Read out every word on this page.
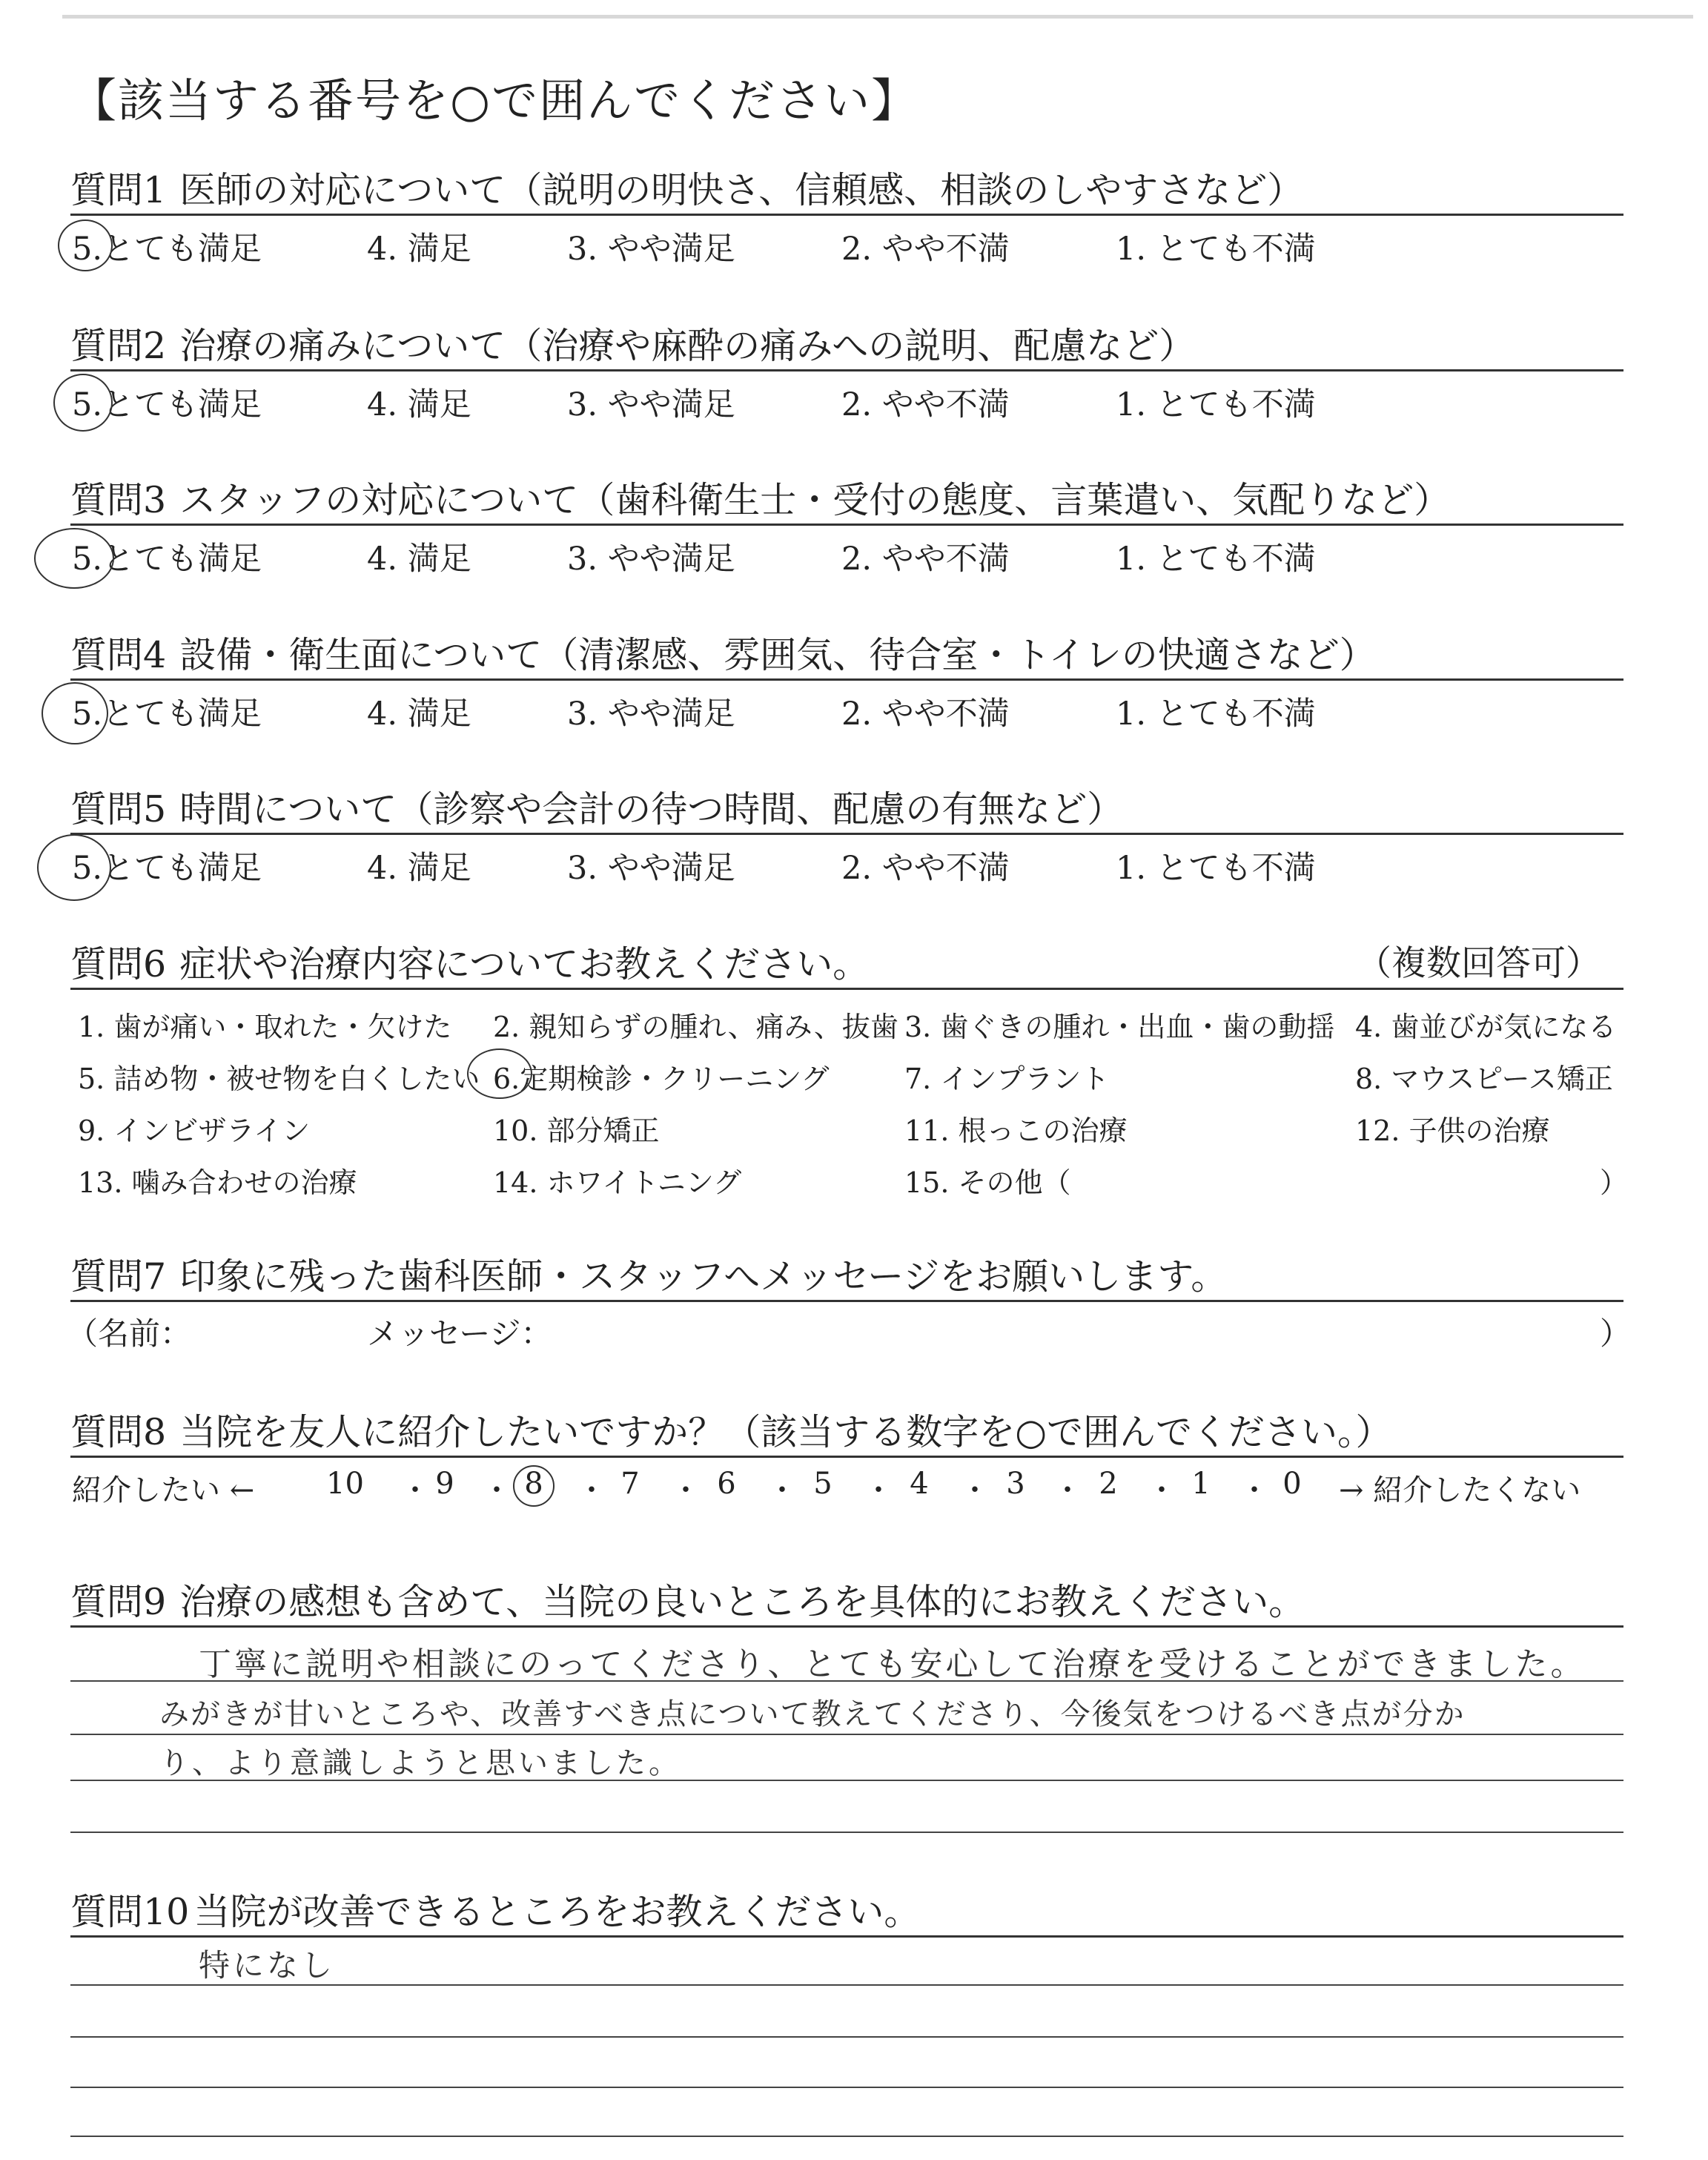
【該当する番号を○で囲んでください】
質問1 医師の対応について（説明の明快さ、信頼感、相談のしやすさなど）
5.とても満足	4. 満足	3. やや満足	2. やや不満	1. とても不満
質問2 治療の痛みについて（治療や麻酔の痛みへの説明、配慮など）
5.とても満足	4. 満足	3. やや満足	2. やや不満	1. とても不満
質問3 スタッフの対応について（歯科衛生士・受付の態度、言葉遣い、気配りなど）
5.とても満足	4. 満足	3. やや満足	2. やや不満	1. とても不満
質問4 設備・衛生面について（清潔感、雰囲気、待合室・トイレの快適さなど）
5.とても満足	4. 満足	3. やや満足	2. やや不満	1. とても不満
質問5 時間について（診察や会計の待つ時間、配慮の有無など）
5.とても満足	4. 満足	3. やや満足	2. やや不満	1. とても不満
質問6 症状や治療内容についてお教えください。	（複数回答可）
1. 歯が痛い・取れた・欠けた 2. 親知らずの腫れ、痛み、抜歯 3. 歯ぐきの腫れ・出血・歯の動揺 4. 歯並びが気になる
5. 詰め物・被せ物を白くしたい 6.定期検診・クリーニング	7. インプラント	8. マウスピース矯正
9. インビザライン	10. 部分矯正	11. 根っこの治療	12. 子供の治療
13. 噛み合わせの治療	14. ホワイトニング	15. その他（	）
質問7 印象に残った歯科医師・スタッフへメッセージをお願いします。
（名前：	メッセージ：	）
質問8 当院を友人に紹介したいですか？（該当する数字を○で囲んでください。）
紹介したい ←	→ 紹介したくない
10 ・ 9 ・ 8 ・ 7 ・ 6 ・ 5 ・ 4 ・ 3 ・ 2 ・ 1 ・ 0
質問9 治療の感想も含めて、当院の良いところを具体的にお教えください。
丁寧に説明や相談にのってくださり、とても安心して治療を受けることができました。
みがきが甘いところや、改善すべき点について教えてくださり、今後気をつけるべき点が分か
り、より意識しようと思いました。
質問10 当院が改善できるところをお教えください。
特になし
